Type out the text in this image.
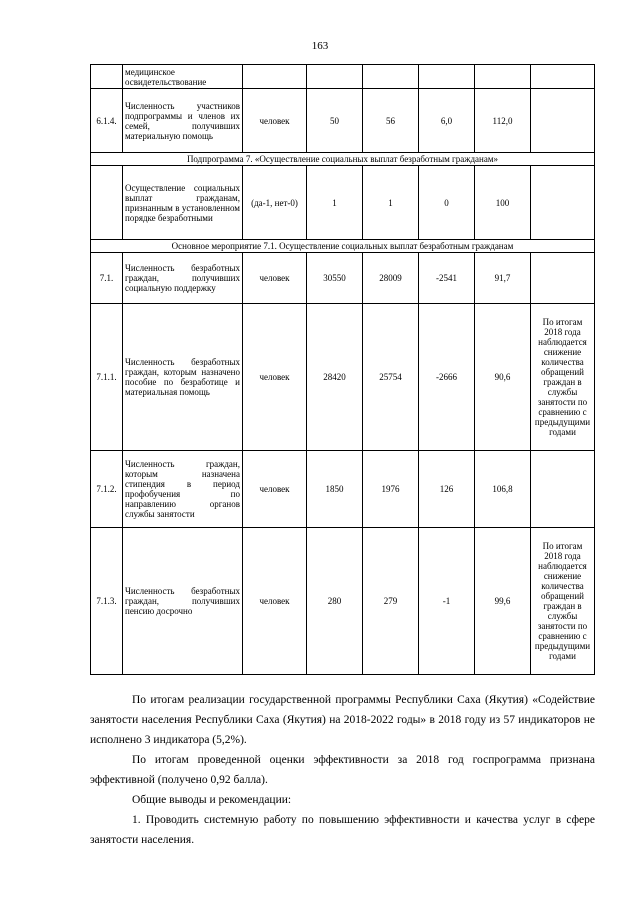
163
	медицинское освидетельствование						
6.1.4.	Численность участников подпрограммы и членов их семей, получивших материальную помощь	человек	50	56	6,0	112,0	
Подпрограмма 7. «Осуществление социальных выплат безработным гражданам»							
	Осуществление социальных выплат гражданам, признанным в установленном порядке безработными	(да-1, нет-0)	1	1	0	100	
Основное мероприятие 7.1. Осуществление социальных выплат безработным гражданам							
7.1.	Численность безработных граждан, получивших социальную поддержку	человек	30550	28009	-2541	91,7	
7.1.1.	Численность безработных граждан, которым назначено пособие по безработице и материальная помощь	человек	28420	25754	-2666	90,6	По итогам 2018 года наблюдается снижение количества обращений граждан в службы занятости по сравнению с предыдущими годами
7.1.2.	Численность граждан, которым назначена стипендия в период профобучения по направлению органов службы занятости	человек	1850	1976	126	106,8	
7.1.3.	Численность безработных граждан, получивших пенсию досрочно	человек	280	279	-1	99,6	По итогам 2018 года наблюдается снижение количества обращений граждан в службы занятости по сравнению с предыдущими годами

По итогам реализации государственной программы Республики Саха (Якутия) «Содействие занятости населения Республики Саха (Якутия) на 2018-2022 годы» в 2018 году из 57 индикаторов не исполнено 3 индикатора (5,2%).

По итогам проведенной оценки эффективности за 2018 год госпрограмма признана эффективной (получено 0,92 балла).

Общие выводы и рекомендации:

1. Проводить системную работу по повышению эффективности и качества услуг в сфере занятости населения.
